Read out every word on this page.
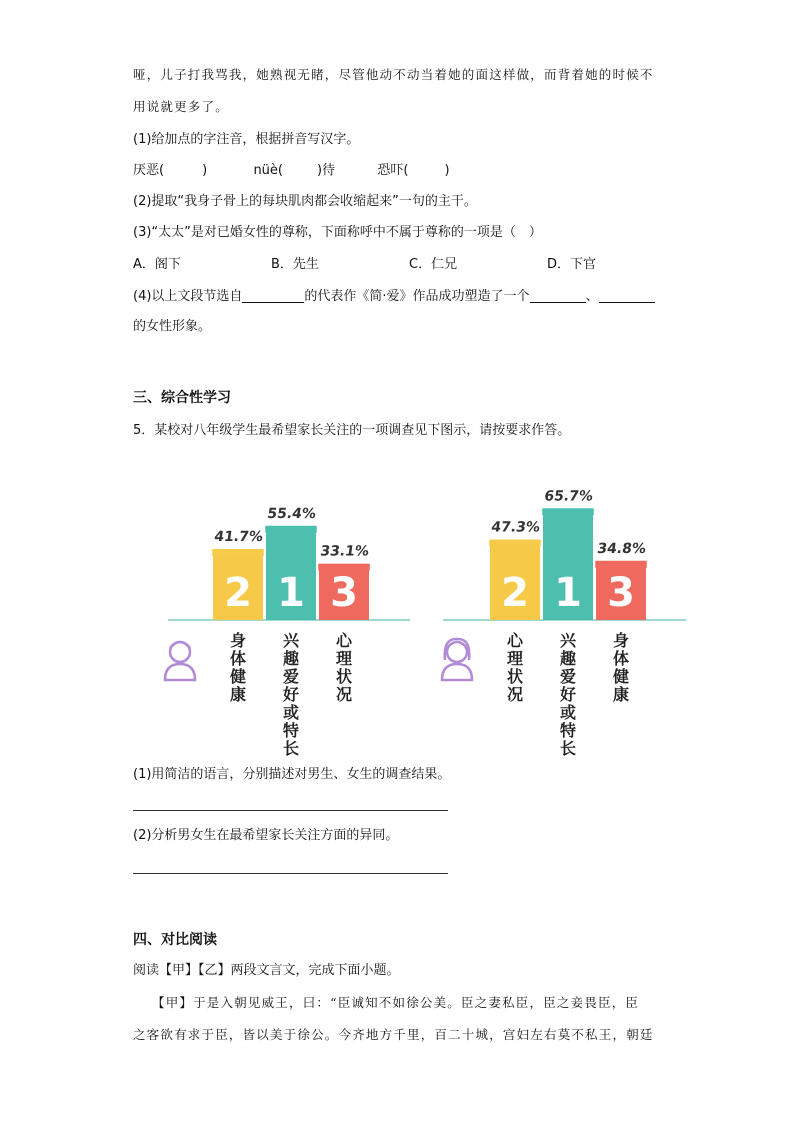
哑，儿子打我骂我，她熟视无睹，尽管他动不动当着她的面这样做，而背着她的时候不
用说就更多了。
(1)给加点的字注音，根据拼音写汉字。
厌恶(	)	nüè(	)待	恐吓(	)
(2)提取“我身子骨上的每块肌肉都会收缩起来”一句的主干。
(3)“太太”是对已婚女性的尊称，下面称呼中不属于尊称的一项是（　）
A．阁下	B．先生	C．仁兄	D．下官
(4)以上文段节选自	的代表作《简·爱》作品成功塑造了一个	、
的女性形象。
三、综合性学习
5．某校对八年级学生最希望家长关注的一项调查见下图示，请按要求作答。
2
41.7%
身
体
健
康
1
55.4%
兴
趣
爱
好
或
特
长
3
33.1%
心
理
状
况
2
47.3%
心
理
状
况
1
65.7%
兴
趣
爱
好
或
特
长
3
34.8%
身
体
健
康
(1)用简洁的语言，分别描述对男生、女生的调查结果。
(2)分析男女生在最希望家长关注方面的异同。
四、对比阅读
阅读【甲】【乙】两段文言文，完成下面小题。
【甲】于是入朝见威王，曰：“臣诚知不如徐公美。臣之妻私臣，臣之妾畏臣，臣
之客欲有求于臣，皆以美于徐公。今齐地方千里，百二十城，宫妇左右莫不私王，朝廷
